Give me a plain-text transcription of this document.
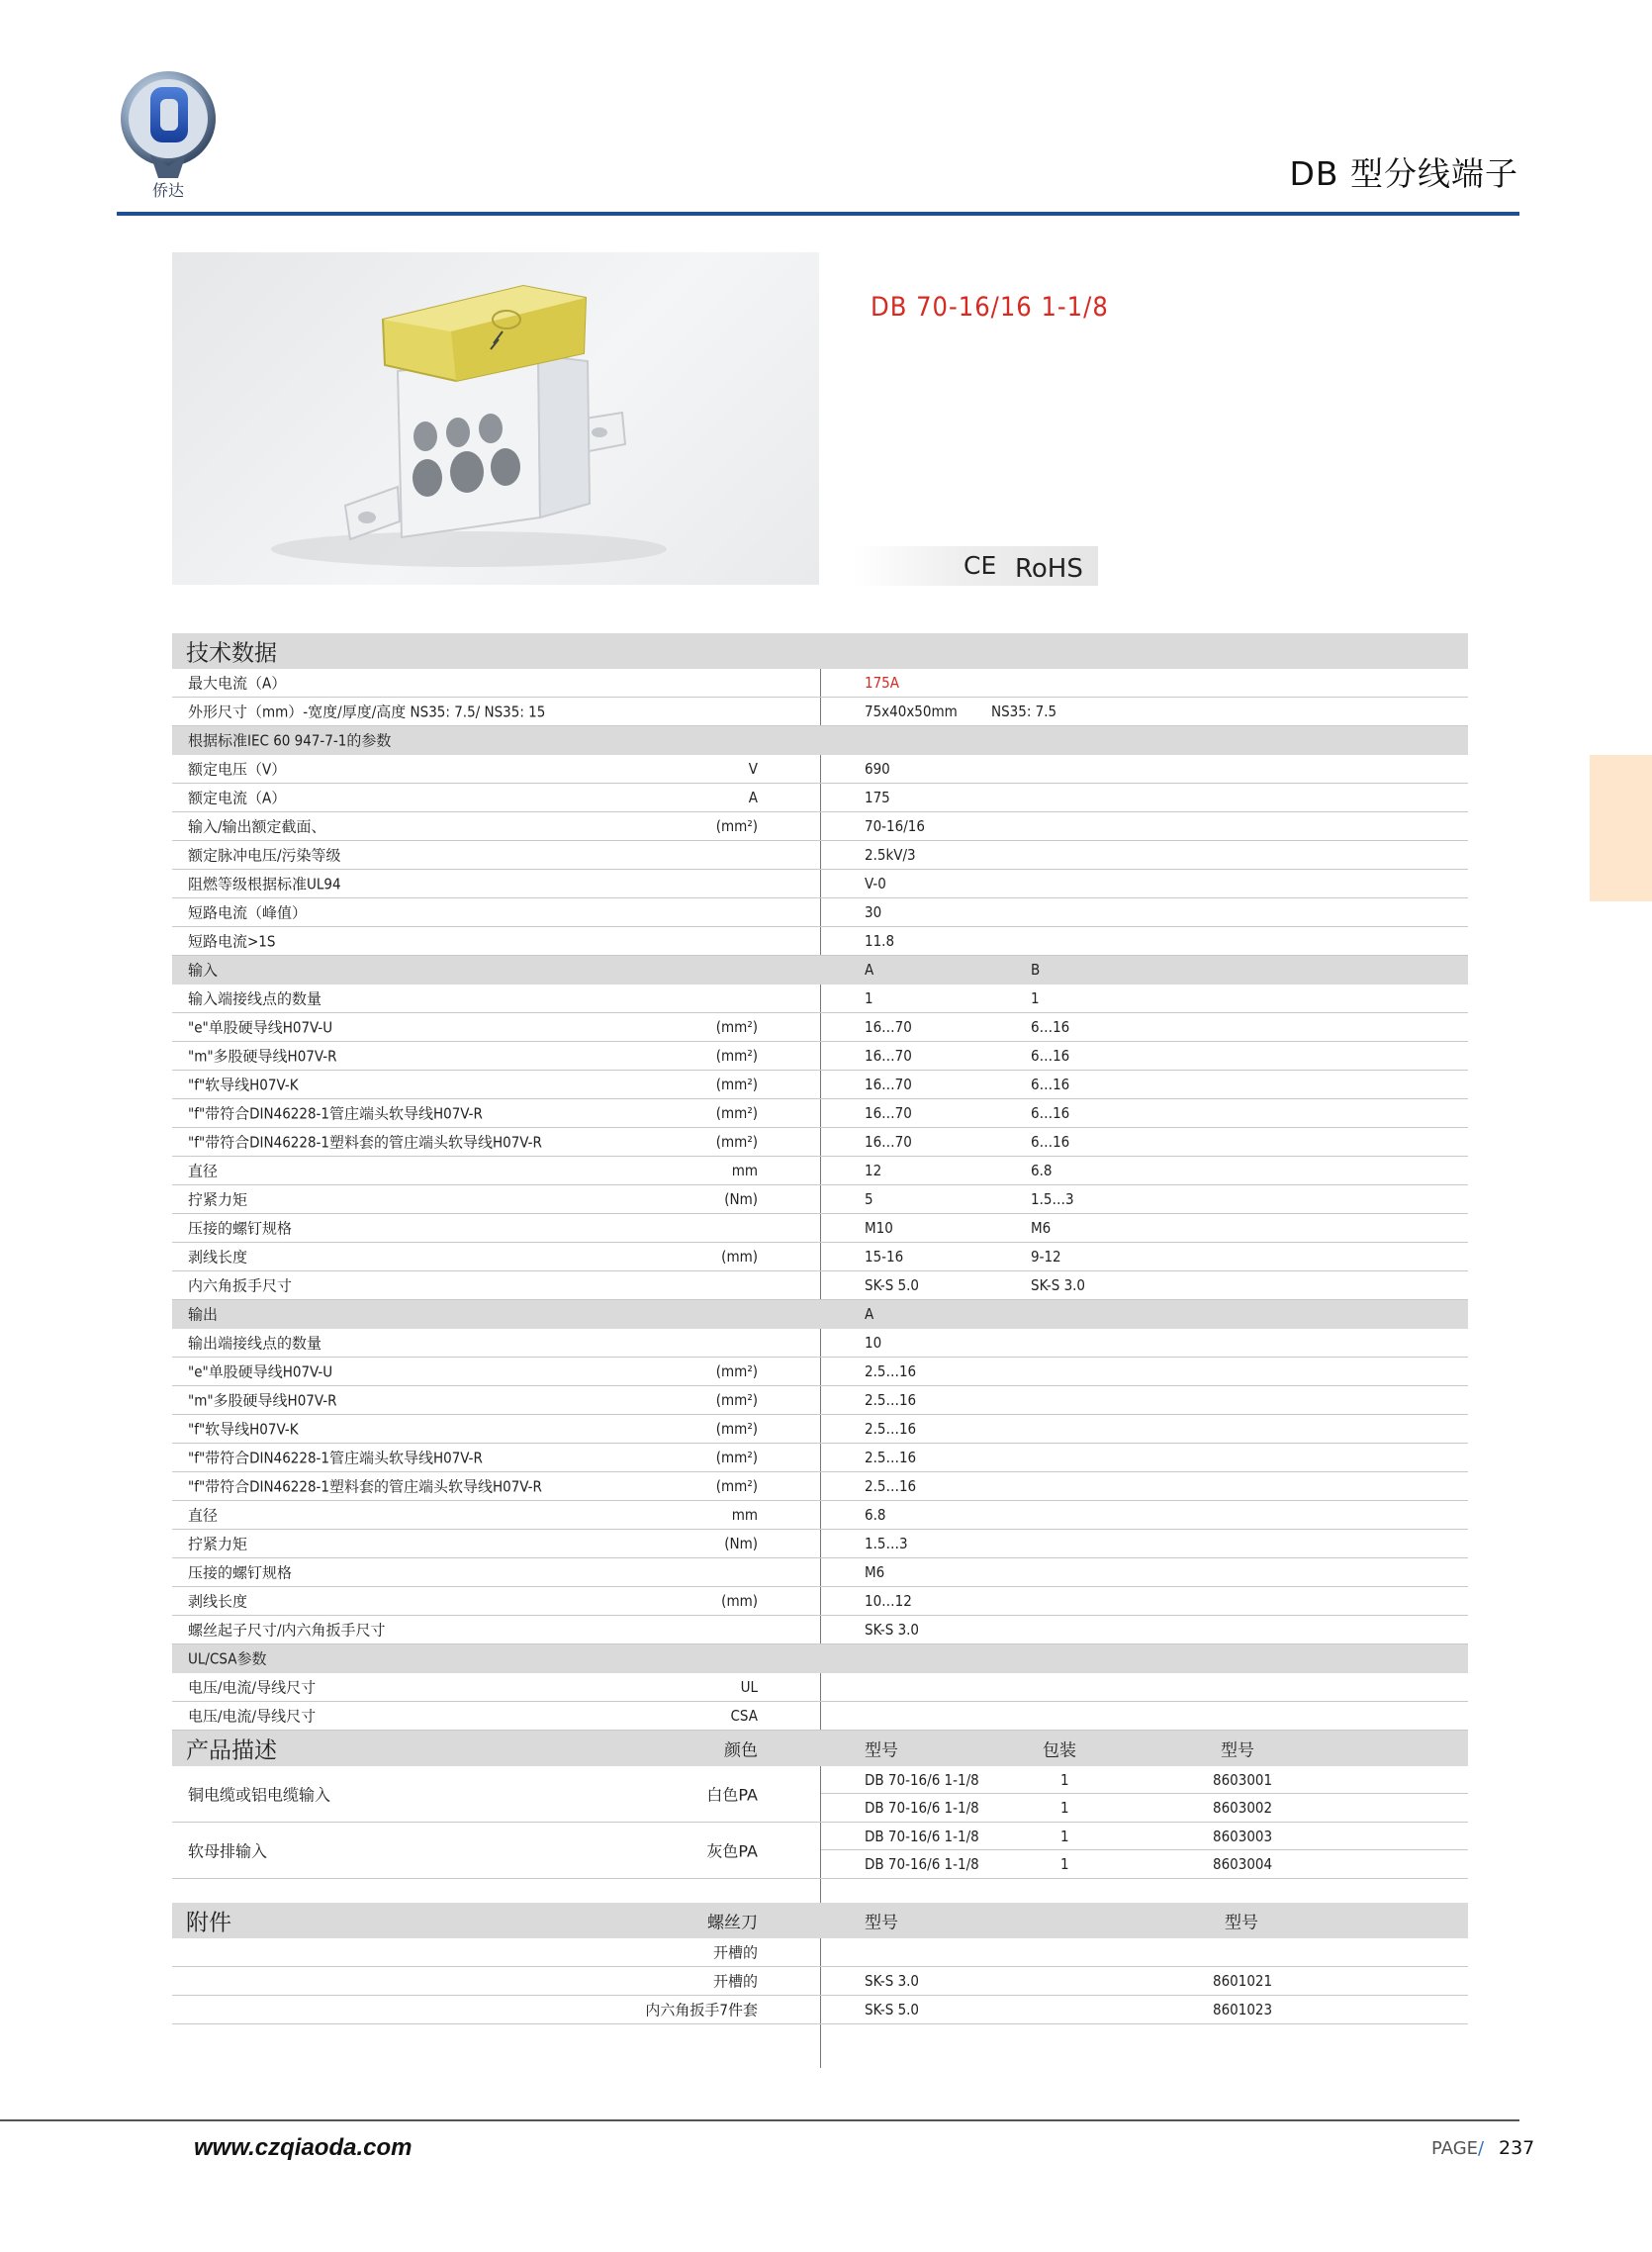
侨达	DB 型分线端子
DB 70-16/16 1-1/8
CE RoHS
技术数据
最大电流（A）	175A
外形尺寸（mm）-宽度/厚度/高度 NS35: 7.5/ NS35: 15	75x40x50mm NS35: 7.5
根据标准IEC 60 947-7-1的参数
额定电压（V）	V	690
额定电流（A）	A	175
输入/输出额定截面、	(mm²)	70-16/16
额定脉冲电压/污染等级	2.5kV/3
阻燃等级根据标准UL94	V-0
短路电流（峰值）	30
短路电流>1S	11.8
输入	A	B
输入端接线点的数量	1	1
"e"单股硬导线H07V-U	(mm²)	16…70	6…16
"m"多股硬导线H07V-R	(mm²)	16…70	6…16
"f"软导线H07V-K	(mm²)	16…70	6…16
"f"带符合DIN46228-1管庄端头软导线H07V-R	(mm²)	16…70	6…16
"f"带符合DIN46228-1塑料套的管庄端头软导线H07V-R	(mm²)	16…70	6…16
直径	mm	12	6.8
拧紧力矩	(Nm)	5	1.5…3
压接的螺钉规格	M10	M6
剥线长度	(mm)	15-16	9-12
内六角扳手尺寸	SK-S 5.0	SK-S 3.0
输出	A
输出端接线点的数量	10
"e"单股硬导线H07V-U	(mm²)	2.5…16
"m"多股硬导线H07V-R	(mm²)	2.5…16
"f"软导线H07V-K	(mm²)	2.5…16
"f"带符合DIN46228-1管庄端头软导线H07V-R	(mm²)	2.5…16
"f"带符合DIN46228-1塑料套的管庄端头软导线H07V-R	(mm²)	2.5…16
直径	mm	6.8
拧紧力矩	(Nm)	1.5…3
压接的螺钉规格	M6
剥线长度	(mm)	10…12
螺丝起子尺寸/内六角扳手尺寸	SK-S 3.0
UL/CSA参数
电压/电流/导线尺寸	UL
电压/电流/导线尺寸	CSA
产品描述	颜色	型号	包装	型号
铜电缆或铝电缆输入	白色PA
DB 70-16/6 1-1/8	1	8603001
DB 70-16/6 1-1/8	1	8603002
软母排输入	灰色PA
DB 70-16/6 1-1/8	1	8603003
DB 70-16/6 1-1/8	1	8603004
附件	螺丝刀	型号	型号
开槽的
开槽的	SK-S 3.0	8601021
内六角扳手7件套	SK-S 5.0	8601023
www.czqiaoda.com	PAGE/ 237
